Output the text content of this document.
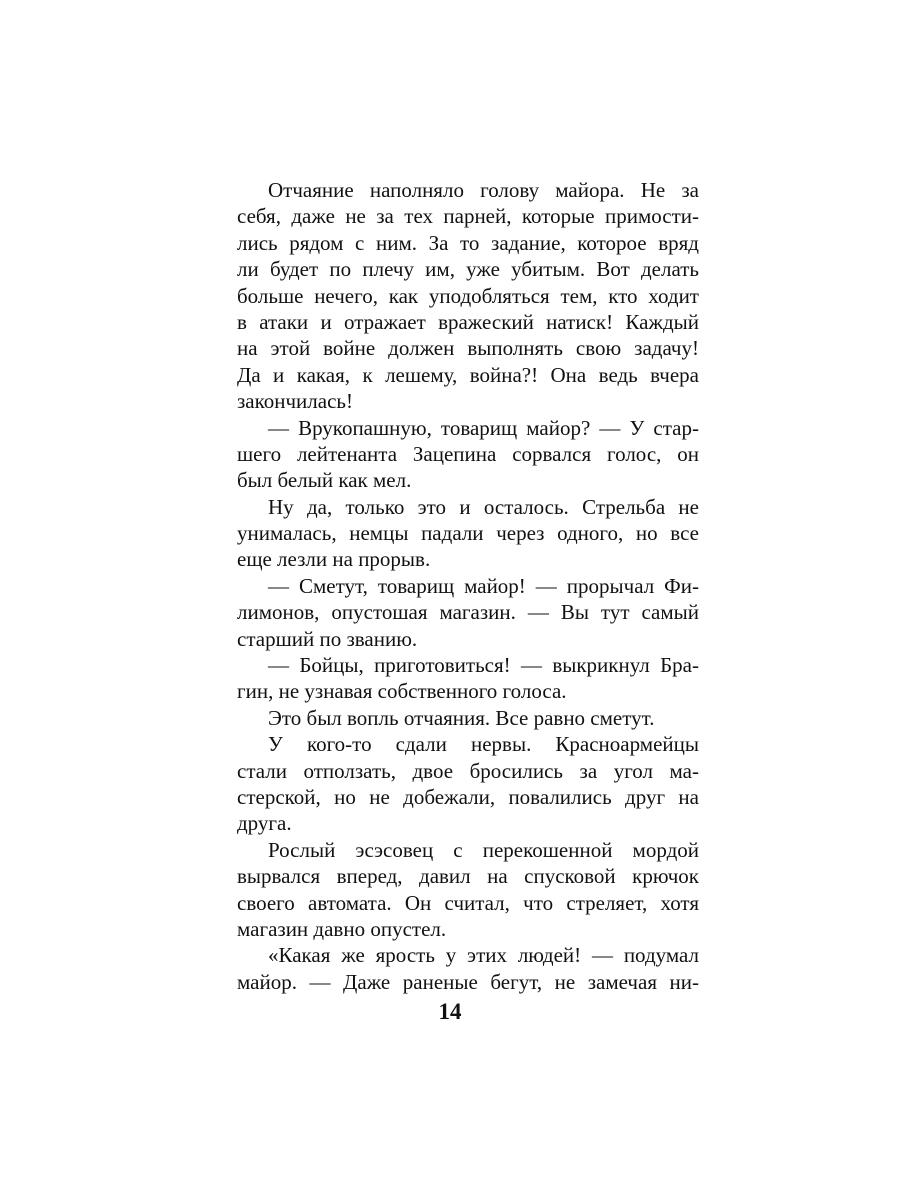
Отчаяние наполняло голову майора. Не за
себя, даже не за тех парней, которые примости-
лись рядом с ним. За то задание, которое вряд
ли будет по плечу им, уже убитым. Вот делать
больше нечего, как уподобляться тем, кто ходит
в атаки и отражает вражеский натиск! Каждый
на этой войне должен выполнять свою задачу!
Да и какая, к лешему, война?! Она ведь вчера
закончилась!
— Врукопашную, товарищ майор? — У стар-
шего лейтенанта Зацепина сорвался голос, он
был белый как мел.
Ну да, только это и осталось. Стрельба не
унималась, немцы падали через одного, но все
еще лезли на прорыв.
— Сметут, товарищ майор! — прорычал Фи-
лимонов, опустошая магазин. — Вы тут самый
старший по званию.
— Бойцы, приготовиться! — выкрикнул Бра-
гин, не узнавая собственного голоса.
Это был вопль отчаяния. Все равно сметут.
У кого-то сдали нервы. Красноармейцы
стали отползать, двое бросились за угол ма-
стерской, но не добежали, повалились друг на
друга.
Рослый эсэсовец с перекошенной мордой
вырвался вперед, давил на спусковой крючок
своего автомата. Он считал, что стреляет, хотя
магазин давно опустел.
«Какая же ярость у этих людей! — подумал
майор. — Даже раненые бегут, не замечая ни-
14
